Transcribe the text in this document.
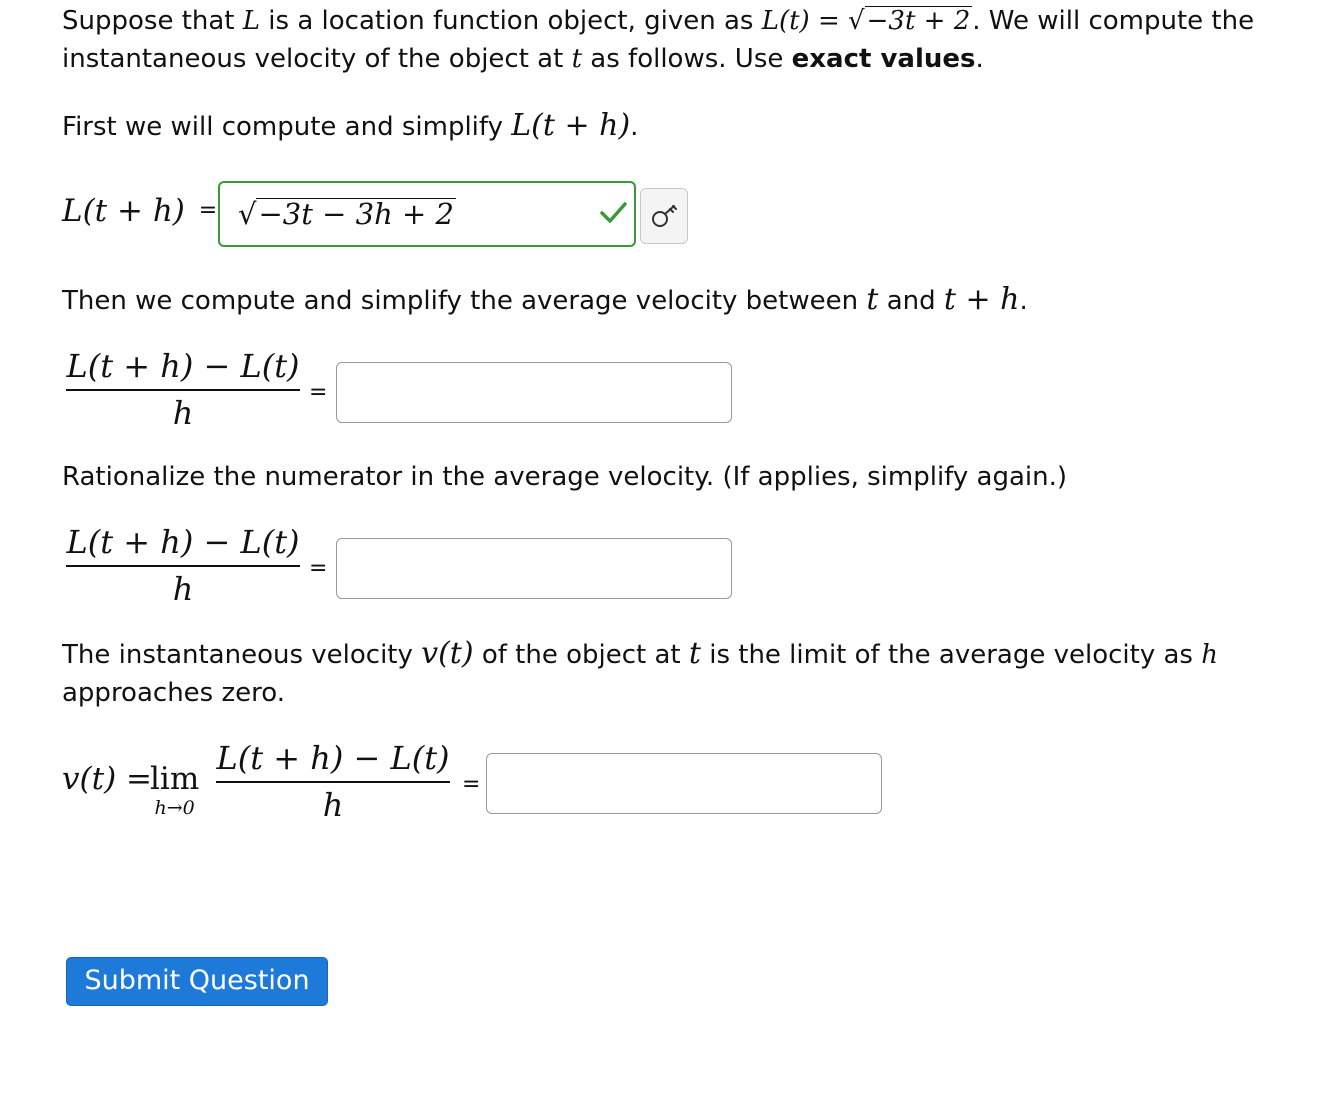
Suppose that L is a location function object, given as L(t) = √−3t + 2. We will compute the
instantaneous velocity of the object at t as follows. Use exact values.
First we will compute and simplify L(t + h).
L(t + h) = √−3t − 3h + 2
Then we compute and simplify the average velocity between t and t + h.
L(t + h) − L(t)
h
=
Rationalize the numerator in the average velocity. (If applies, simplify again.)
L(t + h) − L(t)
h
=
The instantaneous velocity v(t) of the object at t is the limit of the average velocity as h
approaches zero.
v(t) =
lim
h→0
L(t + h) − L(t)
h
=
Submit Question
